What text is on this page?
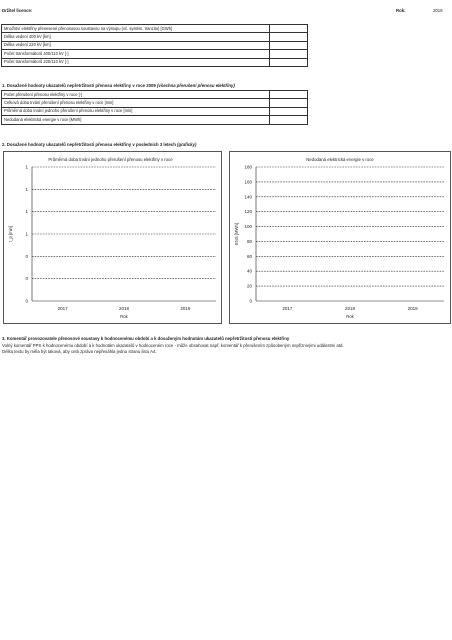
Držitel licence:	Rok:	2019
Množství elektřiny přenesené přenosovou soustavou na výstupu (vč. systém, tranzitu) [GWh]	
Délka vedení 400 kV [km]	
Délka vedení 220 kV [km]	
Počet transformátorů 400/110 kV [-]	
Počet transformátorů 220/110 kV [-]	
1. Dosažené hodnoty ukazatelů nepřetržitosti přenosu elektřiny v roce 2009 (všechna přerušení přenosu elektřiny)
Počet přerušení přenosu elektřiny v roce [-]	
Celková doba trvání přerušení přenosu elektřiny v roce [min]	
Průměrná doba trvání jednoho přerušení přenosu elektřiny v roce [min]	
Nedodaná elektrická energie v roce [MWh]	
2. Dosažené hodnoty ukazatelů nepřetržitosti přenosu elektřiny v posledních 3 letech (graficky)
Průměrná doba trvání jednoho přerušení přenosu elektřiny v roce
0
0
0
1
1
1
1
2017	2018	2019
Rok
t_p [min]
Nedodaná elektrická energie v roce
0
20
40
60
80
100
120
140
160
180
2017	2018	2019
Rok
ENS [MWh]
3. Komentář provozovatele přenosové soustavy k hodnocenému období a k dosaženým hodnotám ukazatelů nepřetržitosti přenosu elektřiny
Volný komentář PPS k hodnocenému období a k hodnotám ukazatelů v hodnoceném roce - může obsahovat např. komentář k přerušením způsobeným nepřiznivými událostmi atd.
Délka textu by měla být taková, aby celá zpráva nepřesáhla jednu stranu listu A4.
